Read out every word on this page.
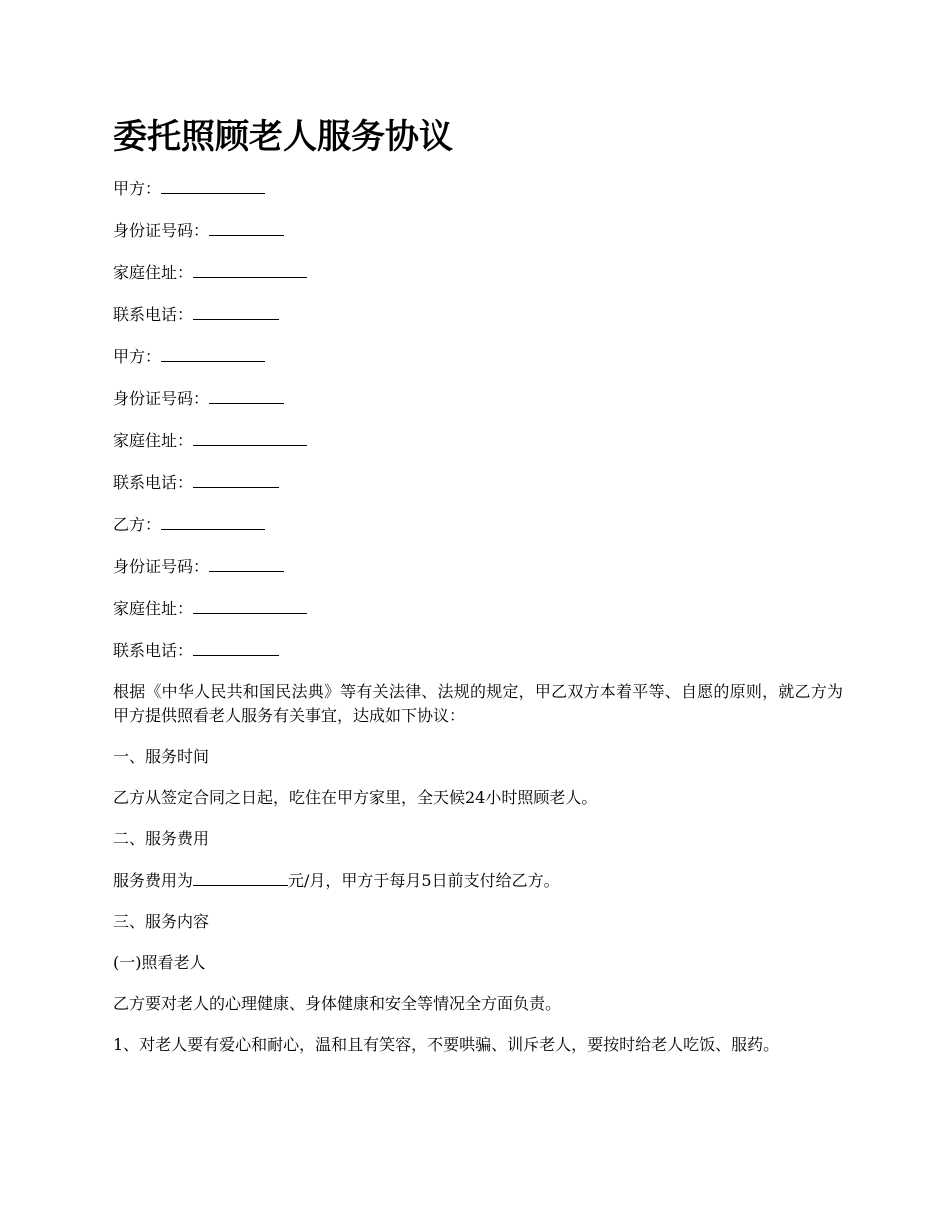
委托照顾老人服务协议
甲方：
身份证号码：
家庭住址：
联系电话：
甲方：
身份证号码：
家庭住址：
联系电话：
乙方：
身份证号码：
家庭住址：
联系电话：

根据《中华人民共和国民法典》等有关法律、法规的规定，甲乙双方本着平等、自愿的原则，就乙方为甲方提供照看老人服务有关事宜，达成如下协议：

一、服务时间

乙方从签定合同之日起，吃住在甲方家里，全天候24小时照顾老人。

二、服务费用
服务费用为	元/月，甲方于每月5日前支付给乙方。
三、服务内容
(一)照看老人

乙方要对老人的心理健康、身体健康和安全等情况全方面负责。

1、对老人要有爱心和耐心，温和且有笑容，不要哄骗、训斥老人，要按时给老人吃饭、服药。
